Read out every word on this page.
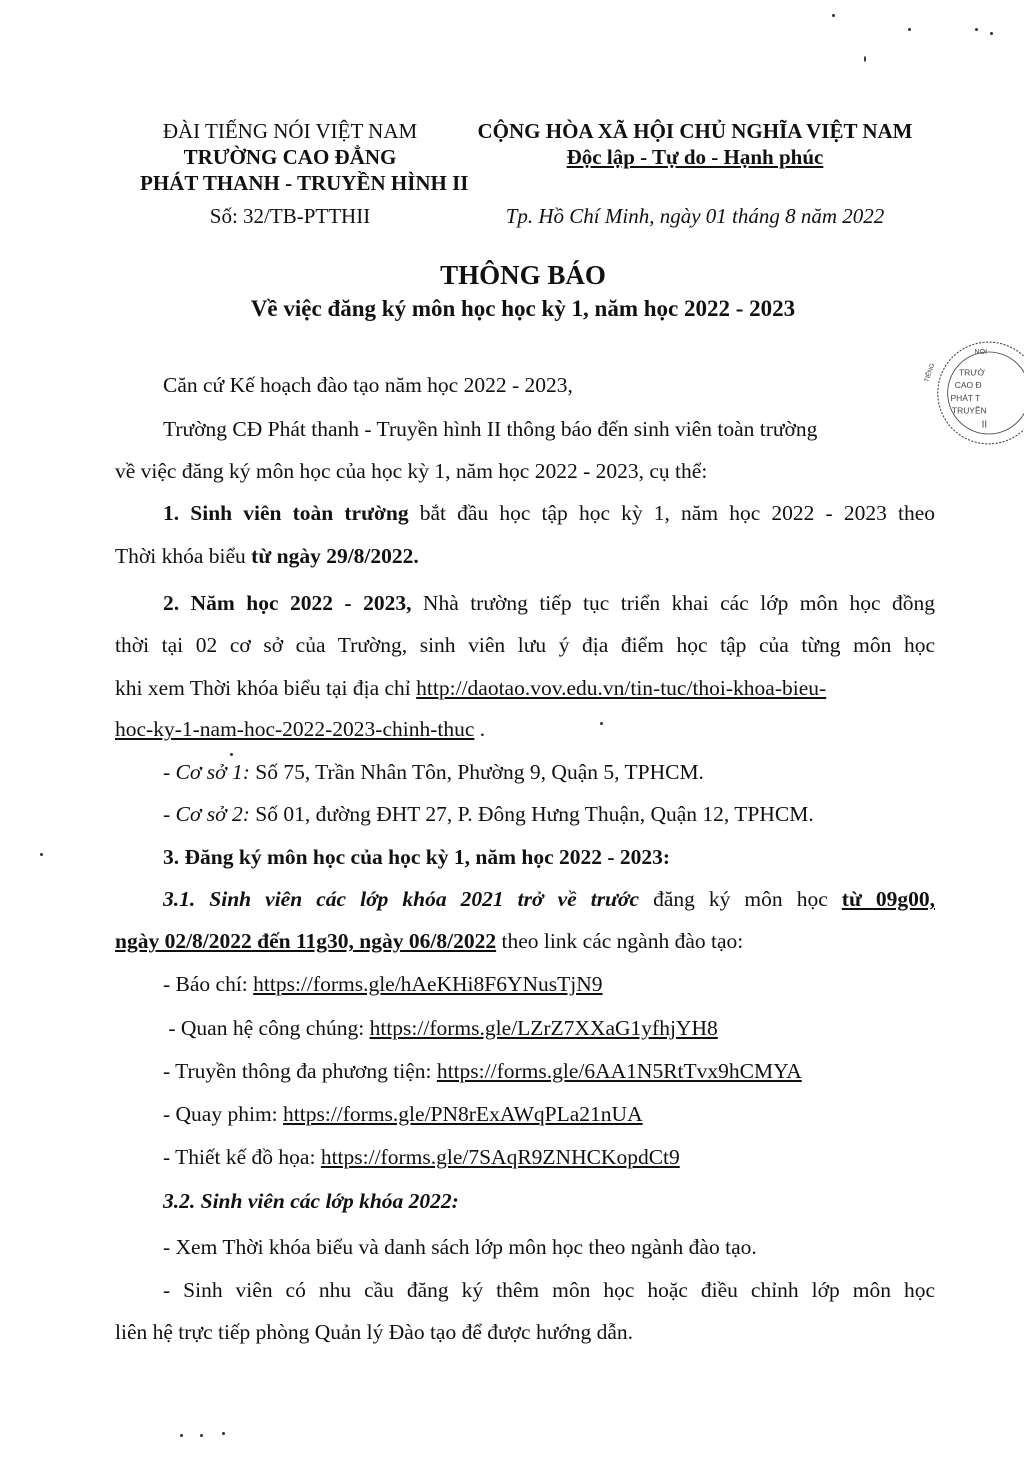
ĐÀI TIẾNG NÓI VIỆT NAM
TRƯỜNG CAO ĐẲNG
PHÁT THANH - TRUYỀN HÌNH II
Số: 32/TB-PTTHII
CỘNG HÒA XÃ HỘI CHỦ NGHĨA VIỆT NAM
Độc lập - Tự do - Hạnh phúc
Tp. Hồ Chí Minh, ngày 01 tháng 8 năm 2022
THÔNG BÁO
Về việc đăng ký môn học học kỳ 1, năm học 2022 - 2023
Căn cứ Kế hoạch đào tạo năm học 2022 - 2023,
Trường CĐ Phát thanh - Truyền hình II thông báo đến sinh viên toàn trường
về việc đăng ký môn học của học kỳ 1, năm học 2022 - 2023, cụ thể:
1. Sinh viên toàn trường bắt đầu học tập học kỳ 1, năm học 2022 - 2023 theo
Thời khóa biểu từ ngày 29/8/2022.
2. Năm học 2022 - 2023, Nhà trường tiếp tục triển khai các lớp môn học đồng
thời tại 02 cơ sở của Trường, sinh viên lưu ý địa điểm học tập của từng môn học
khi xem Thời khóa biểu tại địa chỉ http://daotao.vov.edu.vn/tin-tuc/thoi-khoa-bieu-
hoc-ky-1-nam-hoc-2022-2023-chinh-thuc .
- Cơ sở 1: Số 75, Trần Nhân Tôn, Phường 9, Quận 5, TPHCM.
- Cơ sở 2: Số 01, đường ĐHT 27, P. Đông Hưng Thuận, Quận 12, TPHCM.
3. Đăng ký môn học của học kỳ 1, năm học 2022 - 2023:
3.1. Sinh viên các lớp khóa 2021 trở về trước đăng ký môn học từ 09g00,
ngày 02/8/2022 đến 11g30, ngày 06/8/2022 theo link các ngành đào tạo:
- Báo chí: https://forms.gle/hAeKHi8F6YNusTjN9
- Quan hệ công chúng: https://forms.gle/LZrZ7XXaG1yfhjYH8
- Truyền thông đa phương tiện: https://forms.gle/6AA1N5RtTvx9hCMYA
- Quay phim: https://forms.gle/PN8rExAWqPLa21nUA
- Thiết kế đồ họa: https://forms.gle/7SAqR9ZNHCKopdCt9
3.2. Sinh viên các lớp khóa 2022:
- Xem Thời khóa biểu và danh sách lớp môn học theo ngành đào tạo.
- Sinh viên có nhu cầu đăng ký thêm môn học hoặc điều chỉnh lớp môn học
liên hệ trực tiếp phòng Quản lý Đào tạo để được hướng dẫn.
NÓI
TRƯỜ
CAO Đ
PHÁT T
TRUYỀN
II
TIẾNG
